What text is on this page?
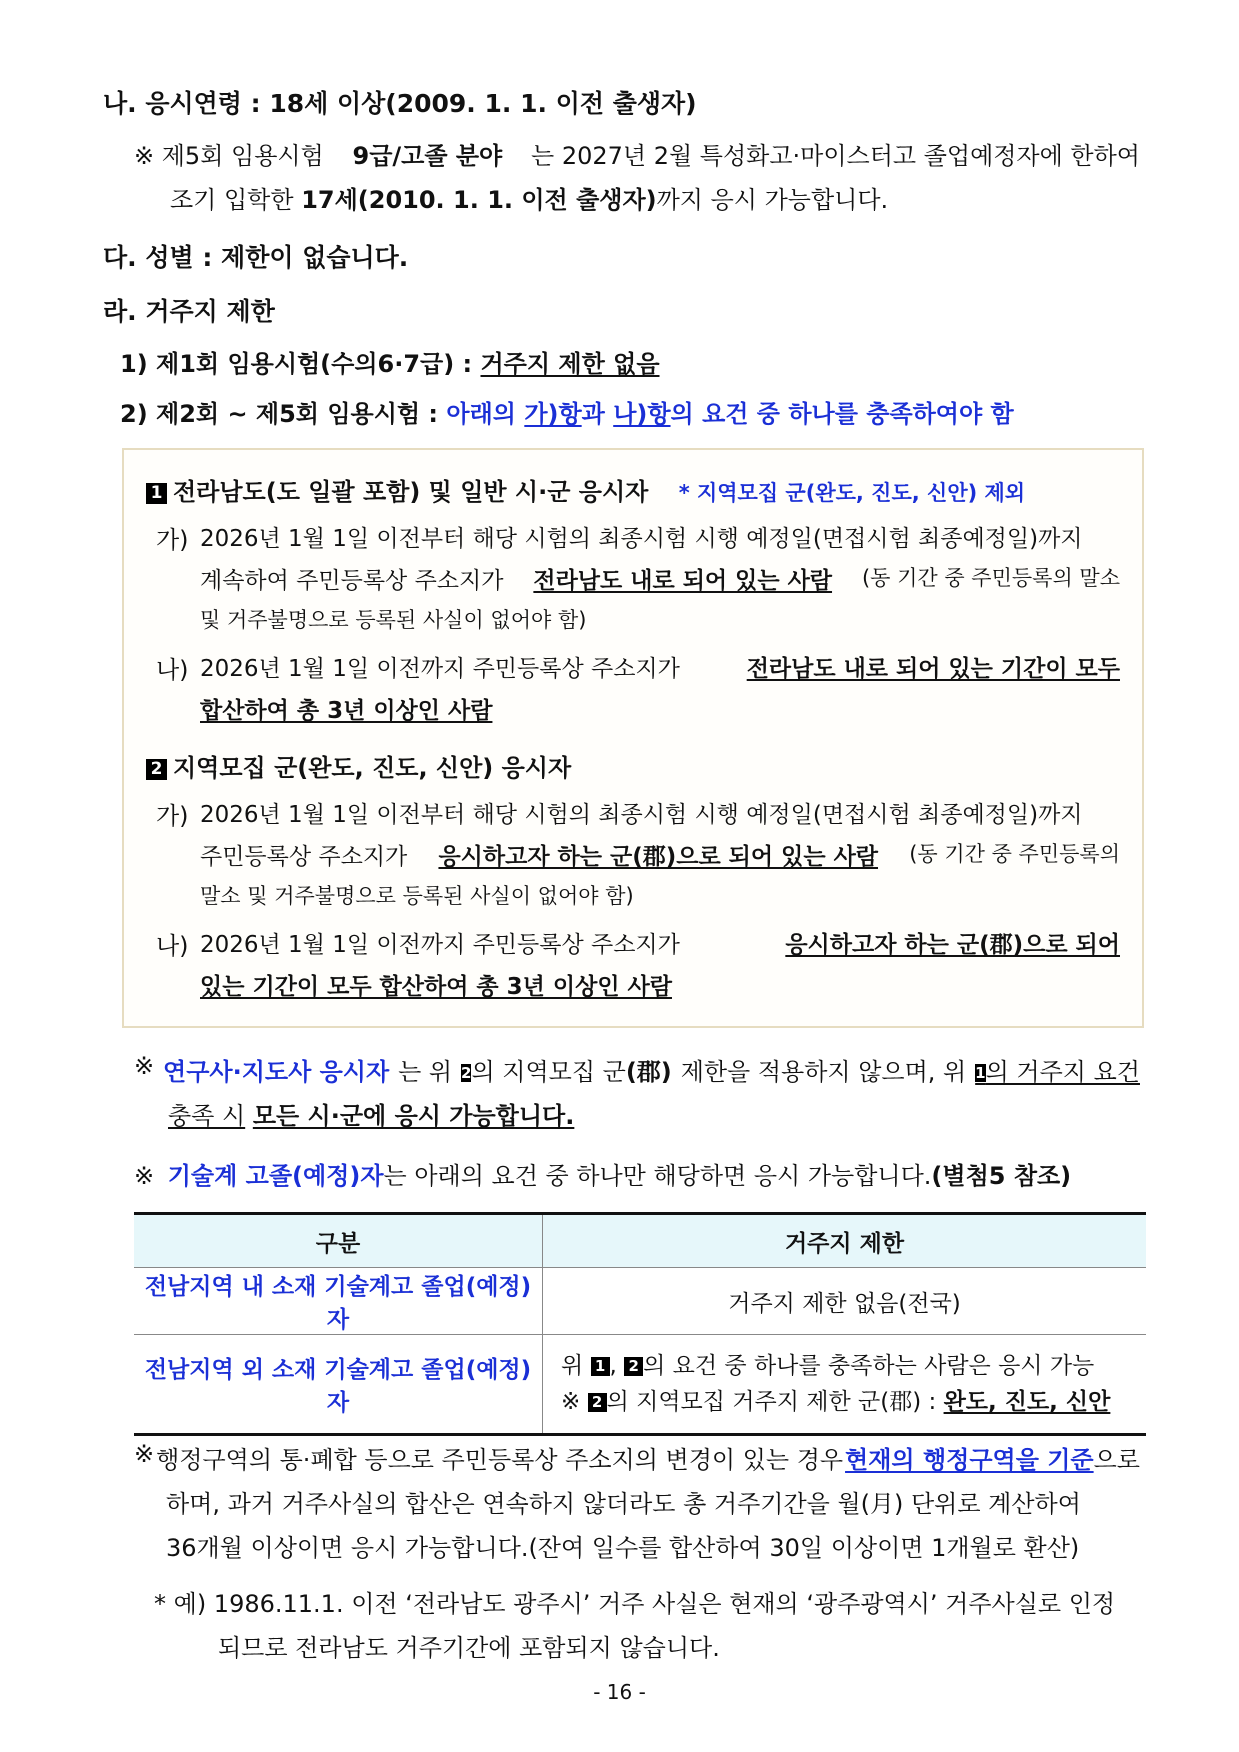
나. 응시연령 : 18세 이상(2009. 1. 1. 이전 출생자)
※ 제5회 임용시험 9급/고졸 분야 는 2027년 2월 특성화고·마이스터고 졸업예정자에 한하여
조기 입학한 17세(2010. 1. 1. 이전 출생자)까지 응시 가능합니다.
다. 성별 : 제한이 없습니다.
라. 거주지 제한
1) 제1회 임용시험(수의6·7급) : 거주지 제한 없음
2) 제2회 ~ 제5회 임용시험 : 아래의 가)항과 나)항의 요건 중 하나를 충족하여야 함
1 전라남도(도 일괄 포함) 및 일반 시·군 응시자 * 지역모집 군(완도, 진도, 신안) 제외
가) 2026년 1월 1일 이전부터 해당 시험의 최종시험 시행 예정일(면접시험 최종예정일)까지
계속하여 주민등록상 주소지가 전라남도 내로 되어 있는 사람 (동 기간 중 주민등록의 말소
및 거주불명으로 등록된 사실이 없어야 함)
나) 2026년 1월 1일 이전까지 주민등록상 주소지가	전라남도 내로 되어 있는 기간이 모두
합산하여 총 3년 이상인 사람
2 지역모집 군(완도, 진도, 신안) 응시자
가) 2026년 1월 1일 이전부터 해당 시험의 최종시험 시행 예정일(면접시험 최종예정일)까지
주민등록상 주소지가 응시하고자 하는 군(郡)으로 되어 있는 사람 (동 기간 중 주민등록의
말소 및 거주불명으로 등록된 사실이 없어야 함)
나) 2026년 1월 1일 이전까지 주민등록상 주소지가	응시하고자 하는 군(郡)으로 되어
있는 기간이 모두 합산하여 총 3년 이상인 사람
※ 연구사·지도사 응시자 는 위 2의 지역모집 군(郡) 제한을 적용하지 않으며, 위 1의 거주지 요건
충족 시 모든 시·군에 응시 가능합니다.
※ 기술계 고졸(예정)자는 아래의 요건 중 하나만 해당하면 응시 가능합니다.(별첨5 참조)
구분	거주지 제한
전남지역 내 소재 기술계고 졸업(예정)자	거주지 제한 없음(전국)
전남지역 외 소재 기술계고 졸업(예정)자	위 1 , 2 의 요건 중 하나를 충족하는 사람은 응시 가능
※ 2 의 지역모집 거주지 제한 군(郡) : 완도, 진도, 신안
※ 행정구역의 통·폐합 등으로 주민등록상 주소지의 변경이 있는 경우 현재의 행정구역을 기준으로
하며, 과거 거주사실의 합산은 연속하지 않더라도 총 거주기간을 월(月) 단위로 계산하여
36개월 이상이면 응시 가능합니다.(잔여 일수를 합산하여 30일 이상이면 1개월로 환산)
* 예) 1986.11.1. 이전 ‘전라남도 광주시’ 거주 사실은 현재의 ‘광주광역시’ 거주사실로 인정
되므로 전라남도 거주기간에 포함되지 않습니다.
- 16 -
